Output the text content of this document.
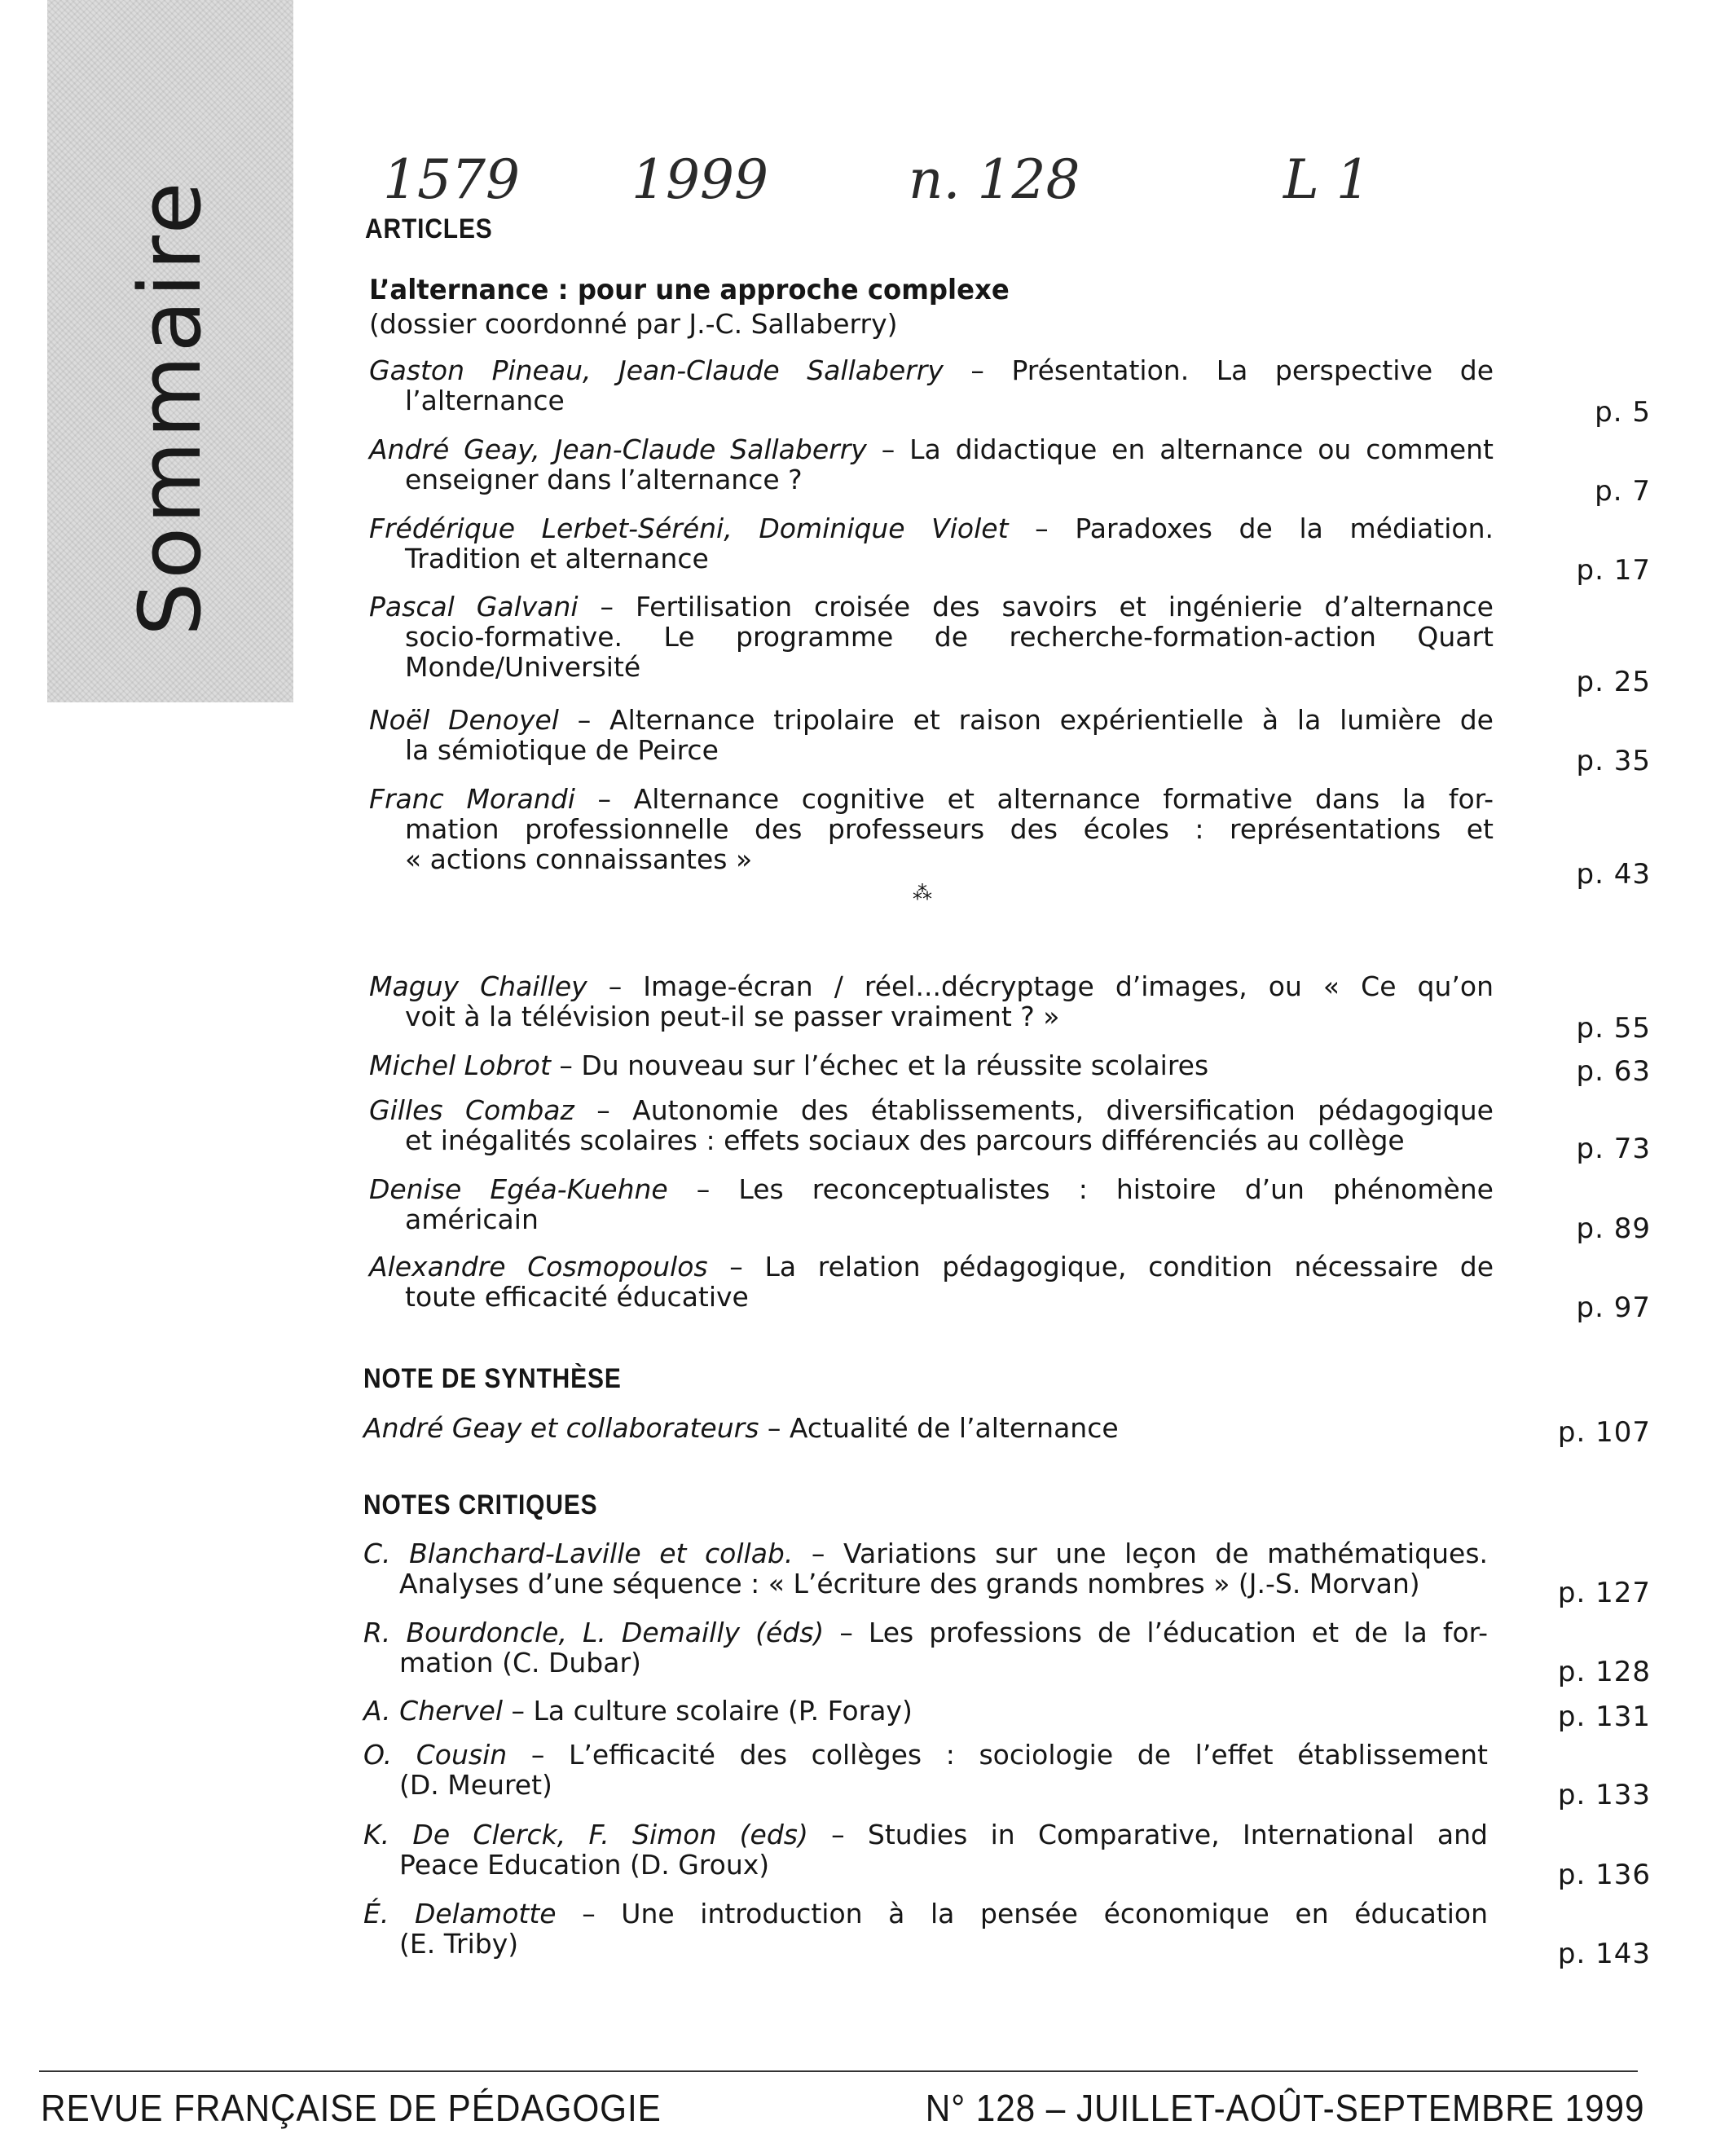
Sommaire	1579 1999	n. 128	L 1
ARTICLES
L’alternance : pour une approche complexe
(dossier coordonné par J.-C. Sallaberry)
Gaston Pineau, Jean-Claude Sallaberry – Présentation. La perspective de
l’alternance	p. 5
André Geay, Jean-Claude Sallaberry – La didactique en alternance ou comment
enseigner dans l’alternance ?	p. 7
Frédérique Lerbet-Séréni, Dominique Violet – Paradoxes de la médiation.
Tradition et alternance	p. 17
Pascal Galvani – Fertilisation croisée des savoirs et ingénierie d’alternance
socio-formative. Le programme de recherche-formation-action Quart
Monde/Université	p. 25
Noël Denoyel – Alternance tripolaire et raison expérientielle à la lumière de
la sémiotique de Peirce	p. 35
Franc Morandi – Alternance cognitive et alternance formative dans la for-
mation professionnelle des professeurs des écoles : représentations et
« actions connaissantes »	p. 43
⁂
Maguy Chailley – Image-écran / réel...décryptage d’images, ou « Ce qu’on
voit à la télévision peut-il se passer vraiment ? »	p. 55
Michel Lobrot – Du nouveau sur l’échec et la réussite scolaires	p. 63
Gilles Combaz – Autonomie des établissements, diversification pédagogique
et inégalités scolaires : effets sociaux des parcours différenciés au collège	p. 73
Denise Egéa-Kuehne – Les reconceptualistes : histoire d’un phénomène
américain	p. 89
Alexandre Cosmopoulos – La relation pédagogique, condition nécessaire de
toute efficacité éducative	p. 97
NOTE DE SYNTHÈSE
André Geay et collaborateurs – Actualité de l’alternance	p. 107
NOTES CRITIQUES
C. Blanchard-Laville et collab. – Variations sur une leçon de mathématiques.
Analyses d’une séquence : « L’écriture des grands nombres » (J.-S. Morvan)	p. 127
R. Bourdoncle, L. Demailly (éds) – Les professions de l’éducation et de la for-
mation (C. Dubar)	p. 128
A. Chervel – La culture scolaire (P. Foray)	p. 131
O. Cousin – L’efficacité des collèges : sociologie de l’effet établissement
(D. Meuret)	p. 133
K. De Clerck, F. Simon (eds) – Studies in Comparative, International and
Peace Education (D. Groux)	p. 136
É. Delamotte – Une introduction à la pensée économique en éducation
(E. Triby)	p. 143
REVUE FRANÇAISE DE PÉDAGOGIE	N° 128 – JUILLET-AOÛT-SEPTEMBRE 1999
